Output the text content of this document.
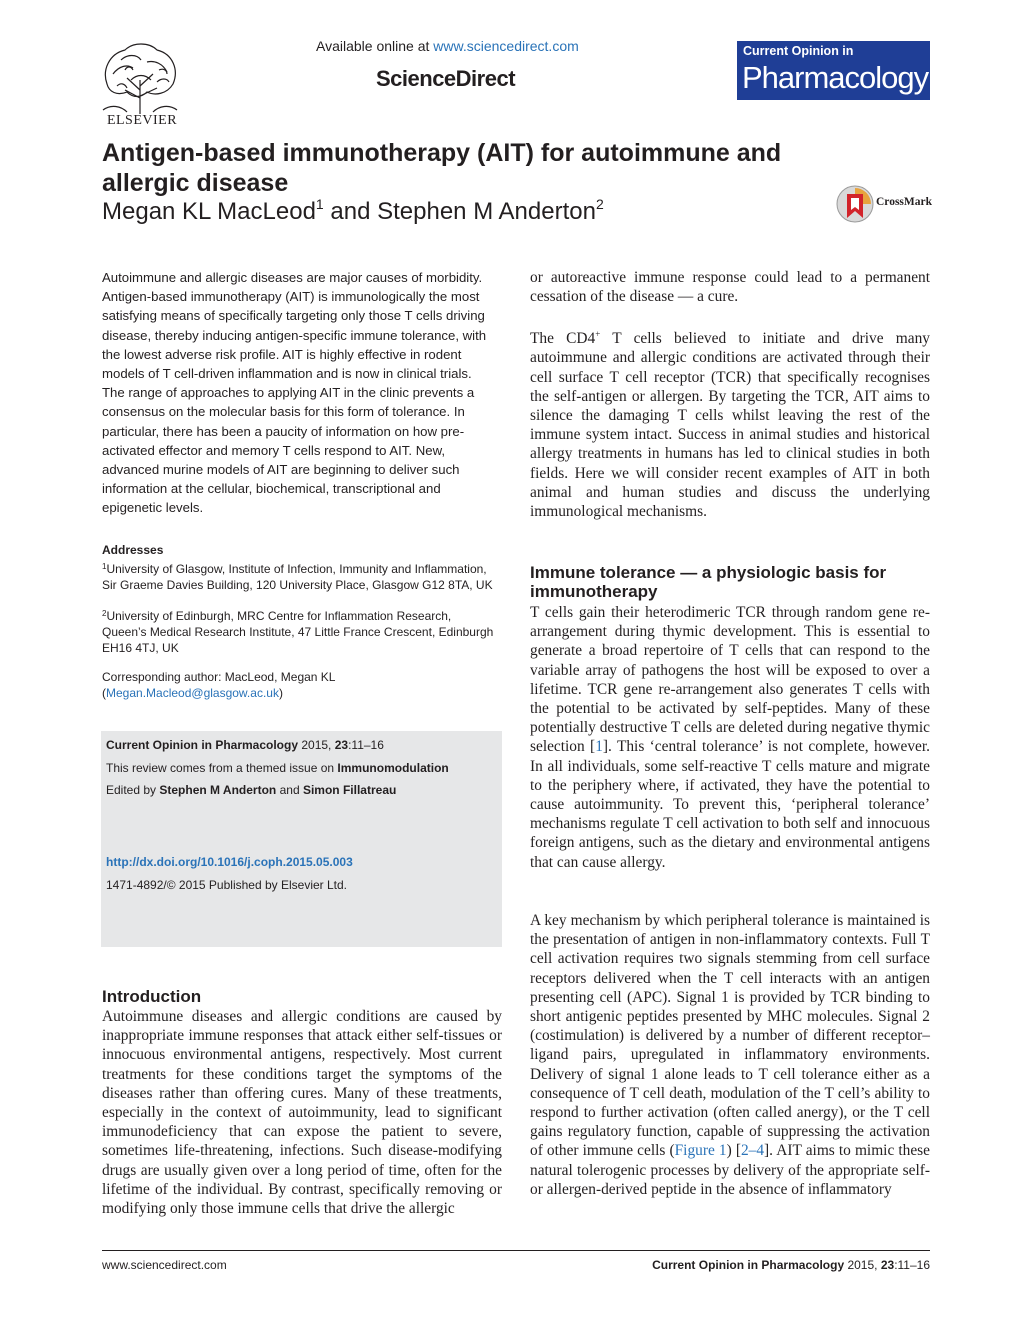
ELSEVIER
Available online at www.sciencedirect.com
ScienceDirect
Current Opinion in
Pharmacology
Antigen-based immunotherapy (AIT) for autoimmune and allergic disease
Megan KL MacLeod$^1$ and Stephen M Anderton$^2$	CrossMark
Autoimmune and allergic diseases are major causes of morbidity. Antigen-based immunotherapy (AIT) is immunologically the most satisfying means of specifically targeting only those T cells driving disease, thereby inducing antigen-specific immune tolerance, with the lowest adverse risk profile. AIT is highly effective in rodent models of T cell-driven inflammation and is now in clinical trials. The range of approaches to applying AIT in the clinic prevents a consensus on the molecular basis for this form of tolerance. In particular, there has been a paucity of information on how pre-activated effector and memory T cells respond to AIT. New, advanced murine models of AIT are beginning to deliver such information at the cellular, biochemical, transcriptional and epigenetic levels.
Addresses
$^1$University of Glasgow, Institute of Infection, Immunity and Inflammation, Sir Graeme Davies Building, 120 University Place, Glasgow G12 8TA, UK
$^2$University of Edinburgh, MRC Centre for Inflammation Research, Queen’s Medical Research Institute, 47 Little France Crescent, Edinburgh EH16 4TJ, UK
Corresponding author: MacLeod, Megan KL
(Megan.Macleod@glasgow.ac.uk)
Current Opinion in Pharmacology 2015, 23:11–16
This review comes from a themed issue on Immunomodulation
Edited by Stephen M Anderton and Simon Fillatreau
http://dx.doi.org/10.1016/j.coph.2015.05.003
1471-4892/© 2015 Published by Elsevier Ltd.
Introduction
Autoimmune diseases and allergic conditions are caused by inappropriate immune responses that attack either self-tissues or innocuous environmental antigens, respectively. Most current treatments for these conditions target the symptoms of the diseases rather than offering cures. Many of these treatments, especially in the context of autoimmunity, lead to significant immunodeficiency that can expose the patient to severe, sometimes life-threatening, infections. Such disease-modifying drugs are usually given over a long period of time, often for the lifetime of the individual. By contrast, specifically removing or modifying only those immune cells that drive the allergic
or autoreactive immune response could lead to a permanent cessation of the disease — a cure.
The CD4+ T cells believed to initiate and drive many autoimmune and allergic conditions are activated through their cell surface T cell receptor (TCR) that specifically recognises the self-antigen or allergen. By targeting the TCR, AIT aims to silence the damaging T cells whilst leaving the rest of the immune system intact. Success in animal studies and historical allergy treatments in humans has led to clinical studies in both fields. Here we will consider recent examples of AIT in both animal and human studies and discuss the underlying immunological mechanisms.
Immune tolerance — a physiologic basis for immunotherapy
T cells gain their heterodimeric TCR through random gene re-arrangement during thymic development. This is essential to generate a broad repertoire of T cells that can respond to the variable array of pathogens the host will be exposed to over a lifetime. TCR gene re-arrangement also generates T cells with the potential to be activated by self-peptides. Many of these potentially destructive T cells are deleted during negative thymic selection [1]. This ‘central tolerance’ is not complete, however. In all individuals, some self-reactive T cells mature and migrate to the periphery where, if activated, they have the potential to cause autoimmunity. To prevent this, ‘peripheral tolerance’ mechanisms regulate T cell activation to both self and innocuous foreign antigens, such as the dietary and environmental antigens that can cause allergy.
A key mechanism by which peripheral tolerance is maintained is the presentation of antigen in non-inflammatory contexts. Full T cell activation requires two signals stemming from cell surface receptors delivered when the T cell interacts with an antigen presenting cell (APC). Signal 1 is provided by TCR binding to short antigenic peptides presented by MHC molecules. Signal 2 (costimulation) is delivered by a number of different receptor–ligand pairs, upregulated in inflammatory environments. Delivery of signal 1 alone leads to T cell tolerance either as a consequence of T cell death, modulation of the T cell’s ability to respond to further activation (often called anergy), or the T cell gains regulatory function, capable of suppressing the activation of other immune cells (Figure 1) [2–4]. AIT aims to mimic these natural tolerogenic processes by delivery of the appropriate self- or allergen-derived peptide in the absence of inflammatory
www.sciencedirect.com	Current Opinion in Pharmacology 2015, 23:11–16
